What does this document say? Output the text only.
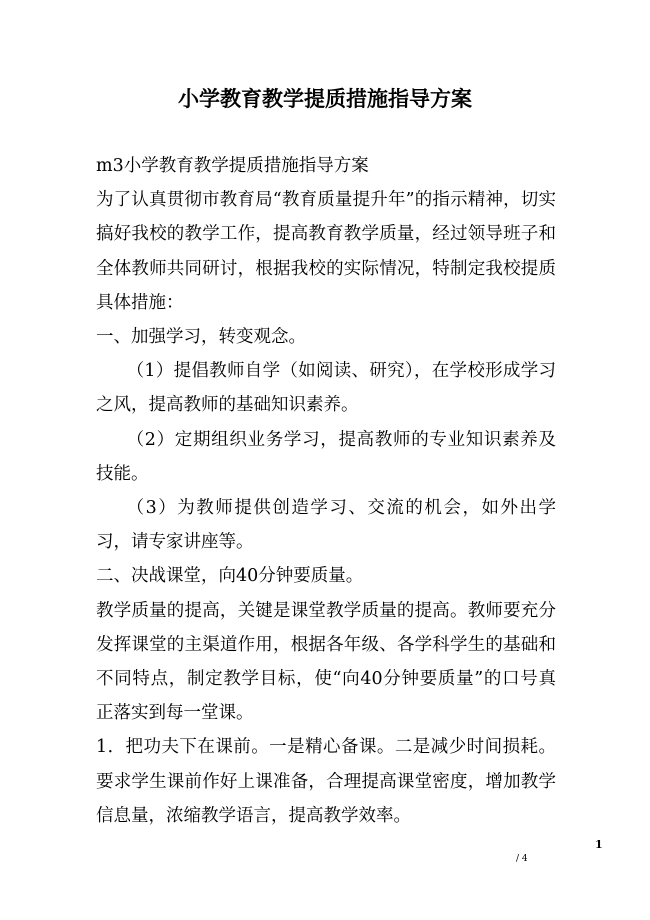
小学教育教学提质措施指导方案

m3小学教育教学提质措施指导方案

为了认真贯彻市教育局“教育质量提升年”的指示精神，切实搞好我校的教学工作，提高教育教学质量，经过领导班子和全体教师共同研讨，根据我校的实际情况，特制定我校提质具体措施：

一、加强学习，转变观念。

（1）提倡教师自学（如阅读、研究），在学校形成学习之风，提高教师的基础知识素养。

（2）定期组织业务学习，提高教师的专业知识素养及技能。

（3）为教师提供创造学习、交流的机会，如外出学习，请专家讲座等。

二、决战课堂，向40分钟要质量。

教学质量的提高，关键是课堂教学质量的提高。教师要充分发挥课堂的主渠道作用，根据各年级、各学科学生的基础和不同特点，制定教学目标，使“向40分钟要质量”的口号真正落实到每一堂课。

1．把功夫下在课前。一是精心备课。二是减少时间损耗。要求学生课前作好上课准备，合理提高课堂密度，增加教学信息量，浓缩教学语言，提高教学效率。

1
/ 4
